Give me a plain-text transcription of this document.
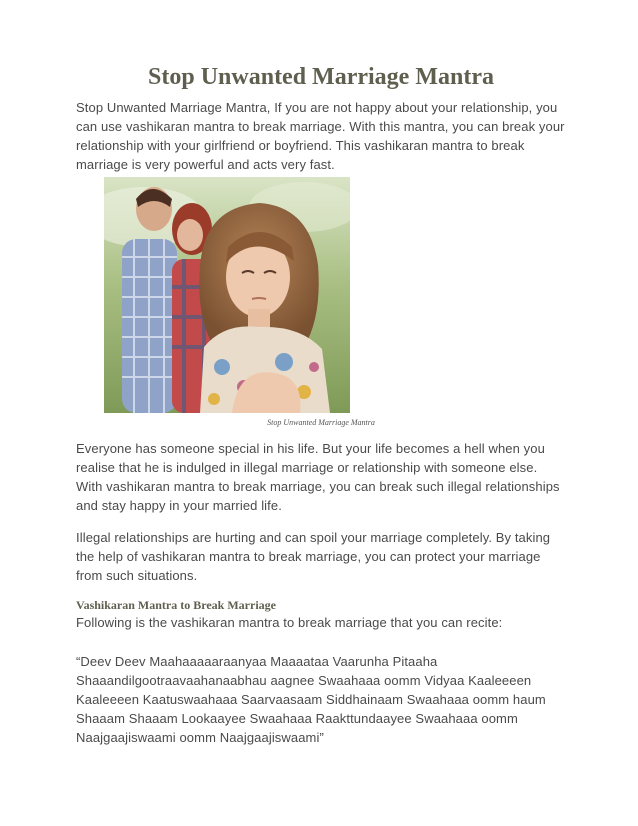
Stop Unwanted Marriage Mantra

Stop Unwanted Marriage Mantra, If you are not happy about your relationship, you can use vashikaran mantra to break marriage. With this mantra, you can break your relationship with your girlfriend or boyfriend. This vashikaran mantra to break marriage is very powerful and acts very fast.

Stop Unwanted Marriage Mantra

Everyone has someone special in his life. But your life becomes a hell when you realise that he is indulged in illegal marriage or relationship with someone else. With vashikaran mantra to break marriage, you can break such illegal relationships and stay happy in your married life.

Illegal relationships are hurting and can spoil your marriage completely. By taking the help of vashikaran mantra to break marriage, you can protect your marriage from such situations.

Vashikaran Mantra to Break Marriage

Following is the vashikaran mantra to break marriage that you can recite:

“Deev Deev Maahaaaaaraanyaa Maaaataa Vaarunha Pitaaha Shaaandilgootraavaahanaabhau aagnee Swaahaaa oomm Vidyaa Kaaleeeen Kaaleeeen Kaatuswaahaaa Saarvaasaam Siddhainaam Swaahaaa oomm haum Shaaam Shaaam Lookaayee Swaahaaa Raakttundaayee Swaahaaa oomm Naajgaajiswaami oomm Naajgaajiswaami”
